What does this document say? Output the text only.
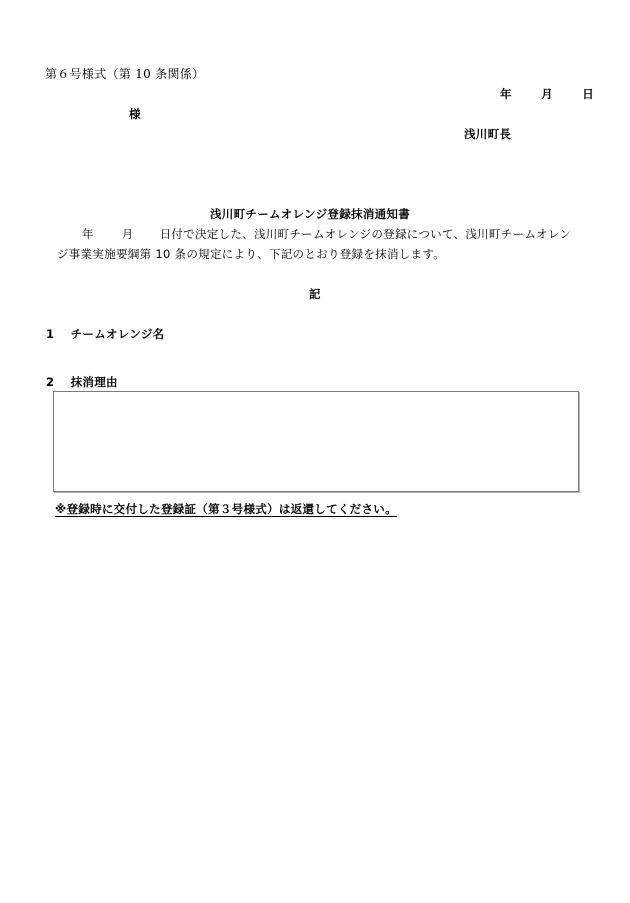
第６号様式（第 10 条関係）
年	月	日
様
浅川町長
浅川町チームオレンジ登録抹消通知書
年 月 日付で決定した、浅川町チームオレンジの登録について、浅川町チームオレン
ジ事業実施要綱第 10 条の規定により、下記のとおり登録を抹消します。
記
1 チームオレンジ名
2 抹消理由
※登録時に交付した登録証（第３号様式）は返還してください。
